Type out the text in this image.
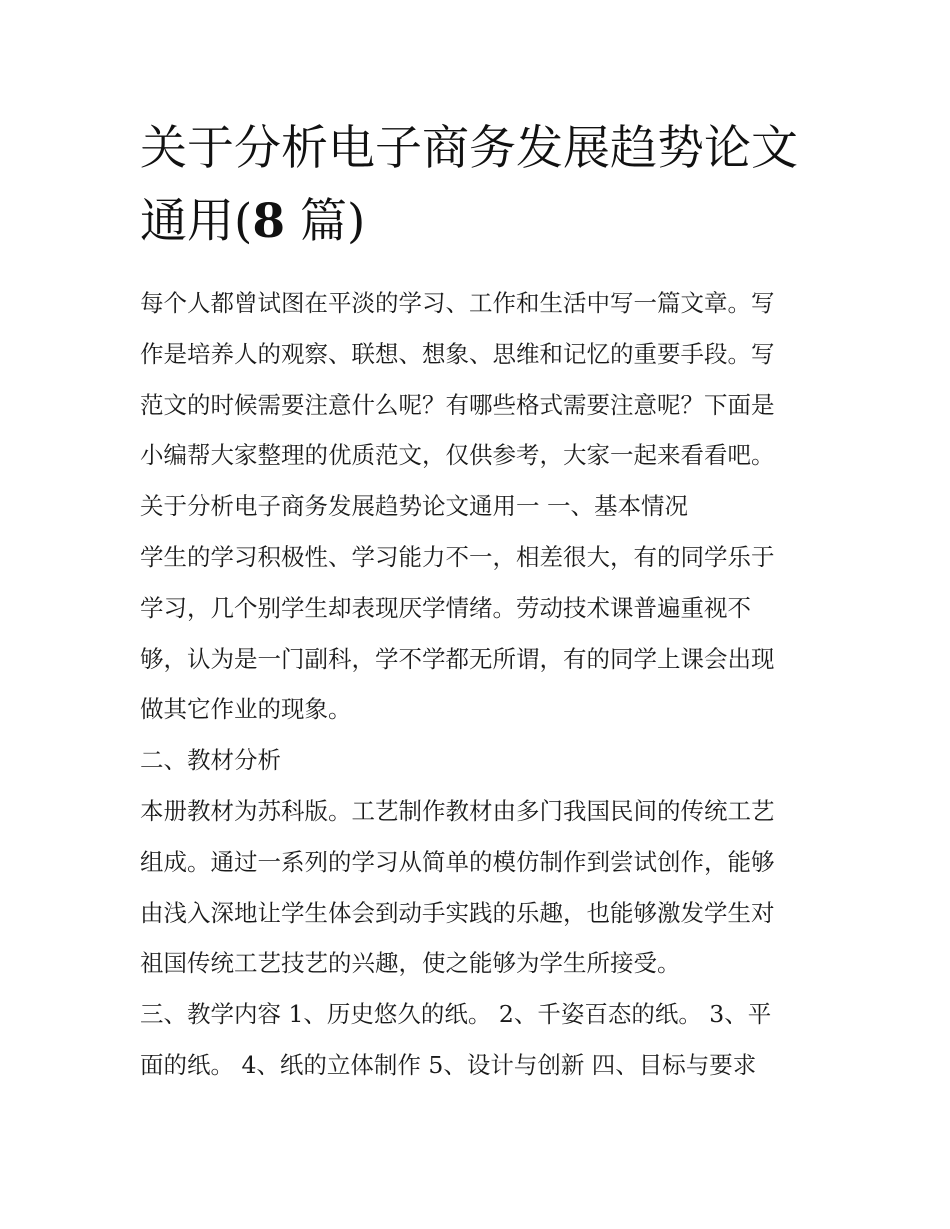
关于分析电子商务发展趋势论文通用(8 篇)

每个人都曾试图在平淡的学习、工作和生活中写一篇文章。写

作是培养人的观察、联想、想象、思维和记忆的重要手段。写

范文的时候需要注意什么呢？有哪些格式需要注意呢？下面是

小编帮大家整理的优质范文，仅供参考，大家一起来看看吧。

关于分析电子商务发展趋势论文通用一 一、基本情况

学生的学习积极性、学习能力不一，相差很大，有的同学乐于

学习，几个别学生却表现厌学情绪。劳动技术课普遍重视不

够，认为是一门副科，学不学都无所谓，有的同学上课会出现

做其它作业的现象。

二、教材分析

本册教材为苏科版。工艺制作教材由多门我国民间的传统工艺

组成。通过一系列的学习从简单的模仿制作到尝试创作，能够

由浅入深地让学生体会到动手实践的乐趣，也能够激发学生对

祖国传统工艺技艺的兴趣，使之能够为学生所接受。

三、教学内容 1、历史悠久的纸。 2、千姿百态的纸。 3、平

面的纸。 4、纸的立体制作 5、设计与创新 四、目标与要求
